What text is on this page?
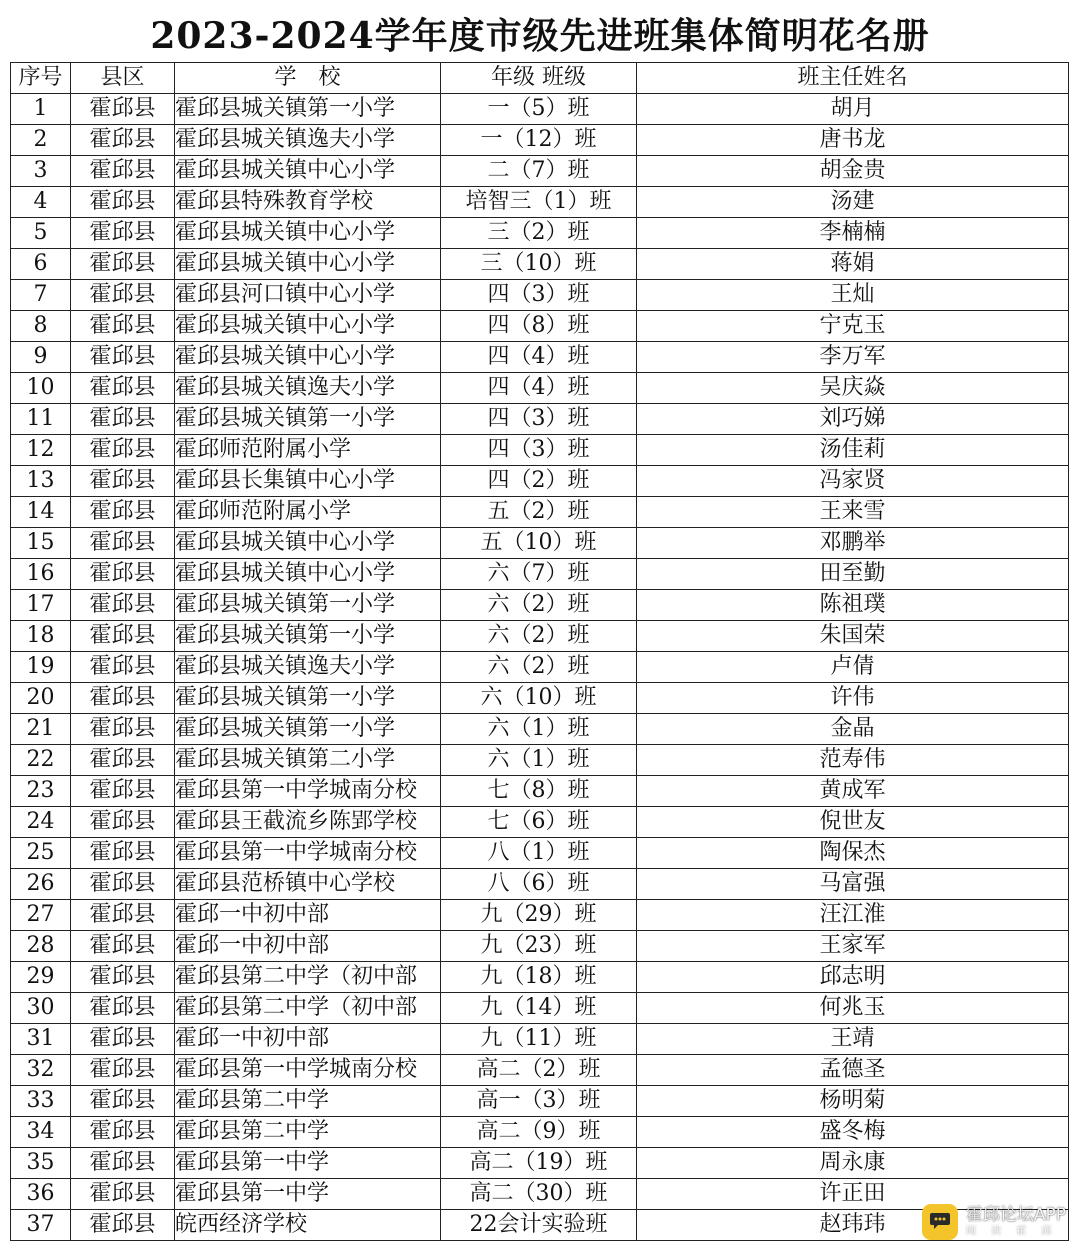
2023-2024学年度市级先进班集体简明花名册
序号	县区	学　校	年级 班级	班主任姓名
1	霍邱县	霍邱县城关镇第一小学	一（5）班	胡月
2	霍邱县	霍邱县城关镇逸夫小学	一（12）班	唐书龙
3	霍邱县	霍邱县城关镇中心小学	二（7）班	胡金贵
4	霍邱县	霍邱县特殊教育学校	培智三（1）班	汤建
5	霍邱县	霍邱县城关镇中心小学	三（2）班	李楠楠
6	霍邱县	霍邱县城关镇中心小学	三（10）班	蒋娟
7	霍邱县	霍邱县河口镇中心小学	四（3）班	王灿
8	霍邱县	霍邱县城关镇中心小学	四（8）班	宁克玉
9	霍邱县	霍邱县城关镇中心小学	四（4）班	李万军
10	霍邱县	霍邱县城关镇逸夫小学	四（4）班	吴庆焱
11	霍邱县	霍邱县城关镇第一小学	四（3）班	刘巧娣
12	霍邱县	霍邱师范附属小学	四（3）班	汤佳莉
13	霍邱县	霍邱县长集镇中心小学	四（2）班	冯家贤
14	霍邱县	霍邱师范附属小学	五（2）班	王来雪
15	霍邱县	霍邱县城关镇中心小学	五（10）班	邓鹏举
16	霍邱县	霍邱县城关镇中心小学	六（7）班	田至勤
17	霍邱县	霍邱县城关镇第一小学	六（2）班	陈祖璞
18	霍邱县	霍邱县城关镇第一小学	六（2）班	朱国荣
19	霍邱县	霍邱县城关镇逸夫小学	六（2）班	卢倩
20	霍邱县	霍邱县城关镇第一小学	六（10）班	许伟
21	霍邱县	霍邱县城关镇第一小学	六（1）班	金晶
22	霍邱县	霍邱县城关镇第二小学	六（1）班	范寿伟
23	霍邱县	霍邱县第一中学城南分校	七（8）班	黄成军
24	霍邱县	霍邱县王截流乡陈郢学校	七（6）班	倪世友
25	霍邱县	霍邱县第一中学城南分校	八（1）班	陶保杰
26	霍邱县	霍邱县范桥镇中心学校	八（6）班	马富强
27	霍邱县	霍邱一中初中部	九（29）班	汪江淮
28	霍邱县	霍邱一中初中部	九（23）班	王家军
29	霍邱县	霍邱县第二中学（初中部	九（18）班	邱志明
30	霍邱县	霍邱县第二中学（初中部	九（14）班	何兆玉
31	霍邱县	霍邱一中初中部	九（11）班	王靖
32	霍邱县	霍邱县第一中学城南分校	高二（2）班	孟德圣
33	霍邱县	霍邱县第二中学	高一（3）班	杨明菊
34	霍邱县	霍邱县第二中学	高二（9）班	盛冬梅
35	霍邱县	霍邱县第一中学	高二（19）班	周永康
36	霍邱县	霍邱县第一中学	高二（30）班	许正田
37	霍邱县	皖西经济学校	22会计实验班	赵玮玮	霍邱论坛APP
阅 读 霍 邱
